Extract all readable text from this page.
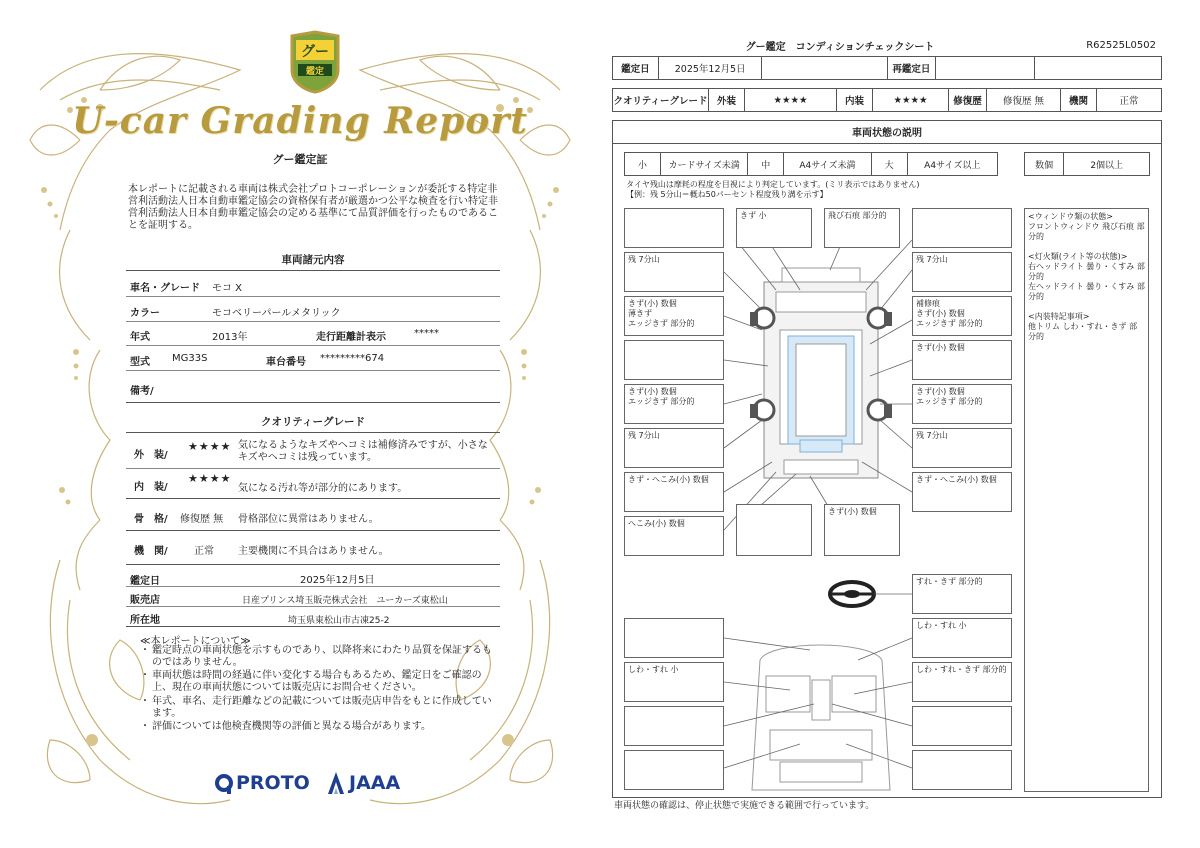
グー
鑑定
U-car Grading Report
グー鑑定証
本レポートに記載される車両は株式会社プロトコーポレーションが委託する特定非営利活動法人日本自動車鑑定協会の資格保有者が厳選かつ公平な検査を行い特定非営利活動法人日本自動車鑑定協会の定める基準にて品質評価を行ったものであることを証明する。
車両諸元内容
車名・グレード モコ X
カラー	モコベリーパールメタリック
年式	2013年	走行距離計表示	*****
型式 MG33S	車台番号 *********674
備考/
クオリティーグレード
外　装/
★★★★ 気になるようなキズやヘコミは補修済みですが、小さなキズやヘコミは残っています。
内　装/
★★★★
気になる汚れ等が部分的にあります。
骨　格/ 修復歴 無 骨格部位に異常はありません。
機　関/	正常 主要機関に不具合はありません。
鑑定日	2025年12月5日
販売店	日産プリンス埼玉販売株式会社　ユーカーズ東松山
所在地	埼玉県東松山市古凍25-2
≪本レポートについて≫
・ 鑑定時点の車両状態を示すものであり、以降将来にわたり品質を保証するものではありません。
・ 車両状態は時間の経過に伴い変化する場合もあるため、鑑定日をご確認の上、現在の車両状態については販売店にお問合せください。
・ 年式、車名、走行距離などの記載については販売店申告をもとに作成しています。
・ 評価については他検査機関等の評価と異なる場合があります。
PROTO JAAA
グー鑑定　コンディションチェックシート	R62525L0502
鑑定日	2025年12月5日	再鑑定日
クオリティーグレード 外装	★★★★	内装	★★★★	修復歴	修復歴 無	機関	正常
車両状態の説明
小	カードサイズ未満	中	A4サイズ未満	大	A4サイズ以上	数個	2個以上
タイヤ残山は摩耗の程度を目視により判定しています。(ミリ表示ではありません)
【例：残 5分山＝概ね50パーセント程度残り溝を示す】
きず 小	飛び石痕 部分的
残 7分山	残 7分山
きず(小) 数個
薄きず
エッジきず 部分的
補修痕
きず(小) 数個
エッジきず 部分的
きず(小) 数個
きず(小) 数個
エッジきず 部分的
きず(小) 数個
エッジきず 部分的
残 7分山	残 7分山
きず・へこみ(小) 数個	きず・へこみ(小) 数個
へこみ(小) 数個
きず(小) 数個
すれ・きず 部分的
しわ・すれ 小
しわ・すれ 小	しわ・すれ・きず 部分的

<ウィンドウ類の状態>
フロントウィンドウ 飛び石痕 部分的

<灯火類(ライト等の状態)>
右ヘッドライト 曇り・くすみ 部分的
左ヘッドライト 曇り・くすみ 部分的

<内装特記事項>
他トリム しわ・すれ・きず 部分的

車両状態の確認は、停止状態で実施できる範囲で行っています。
